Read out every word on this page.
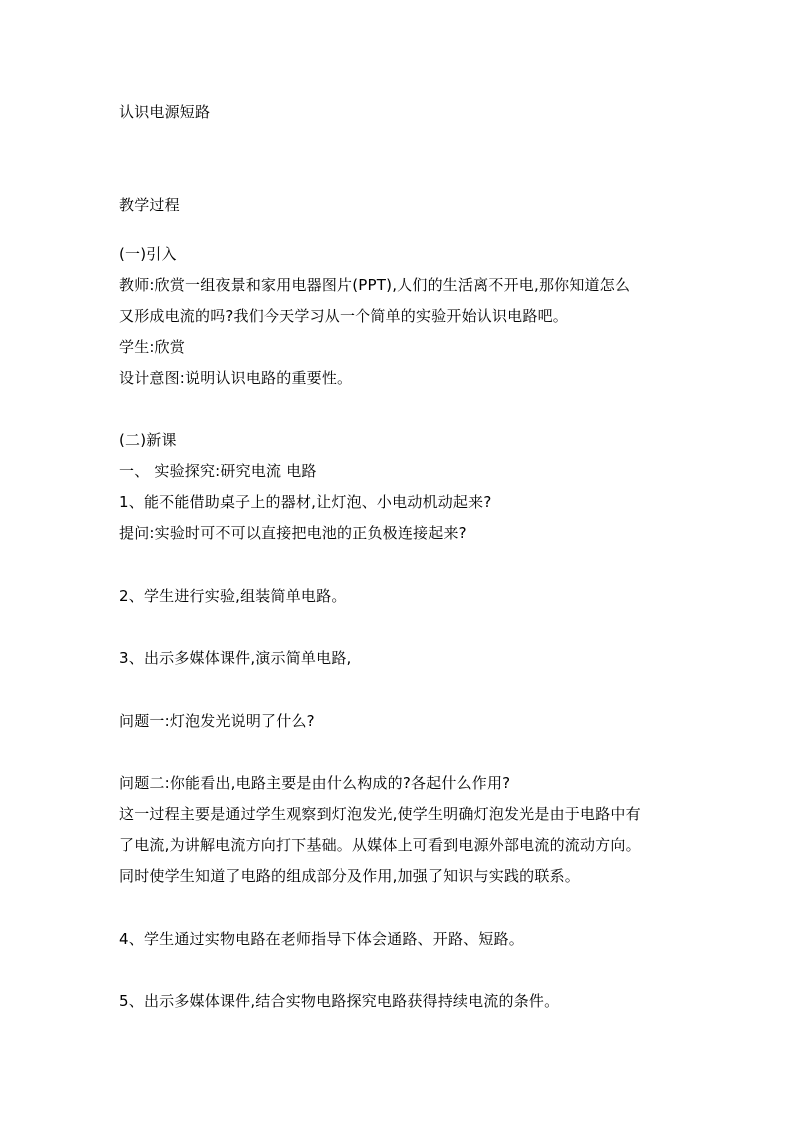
认识电源短路
教学过程
(一)引入
教师:欣赏一组夜景和家用电器图片(PPT),人们的生活离不开电,那你知道怎么
又形成电流的吗?我们今天学习从一个简单的实验开始认识电路吧。
学生:欣赏
设计意图:说明认识电路的重要性。
(二)新课
一、 实验探究:研究电流 电路
1、能不能借助桌子上的器材,让灯泡、小电动机动起来?
提问:实验时可不可以直接把电池的正负极连接起来?
2、学生进行实验,组装简单电路。
3、出示多媒体课件,演示简单电路,
问题一:灯泡发光说明了什么?
问题二:你能看出,电路主要是由什么构成的?各起什么作用?
这一过程主要是通过学生观察到灯泡发光,使学生明确灯泡发光是由于电路中有
了电流,为讲解电流方向打下基础。从媒体上可看到电源外部电流的流动方向。
同时使学生知道了电路的组成部分及作用,加强了知识与实践的联系。
4、学生通过实物电路在老师指导下体会通路、开路、短路。
5、出示多媒体课件,结合实物电路探究电路获得持续电流的条件。
